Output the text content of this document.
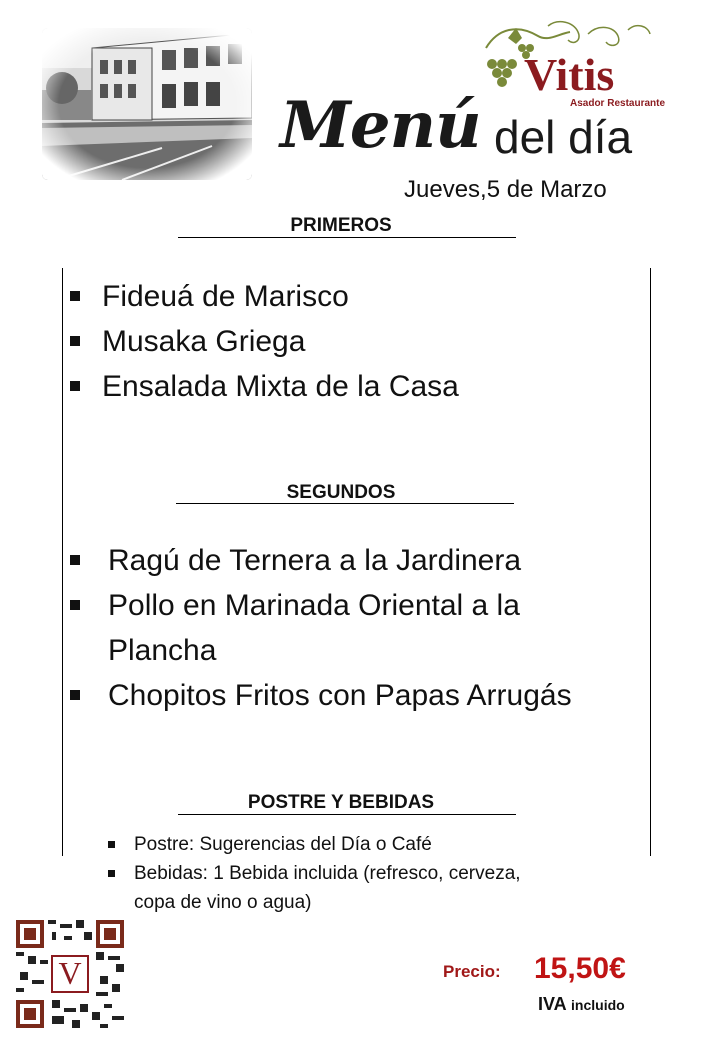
Vitis
Asador Restaurante
Menú del día
Jueves,5 de Marzo
PRIMEROS
Fideuá de Marisco
Musaka Griega
Ensalada Mixta de la Casa
SEGUNDOS
Ragú de Ternera a la Jardinera
Pollo en Marinada Oriental a la Plancha
Chopitos Fritos con Papas Arrugás
POSTRE Y BEBIDAS
Postre: Sugerencias del Día o Café
Bebidas: 1 Bebida incluida (refresco, cerveza, copa de vino o agua)
V	Precio: 15,50€
IVA incluido
